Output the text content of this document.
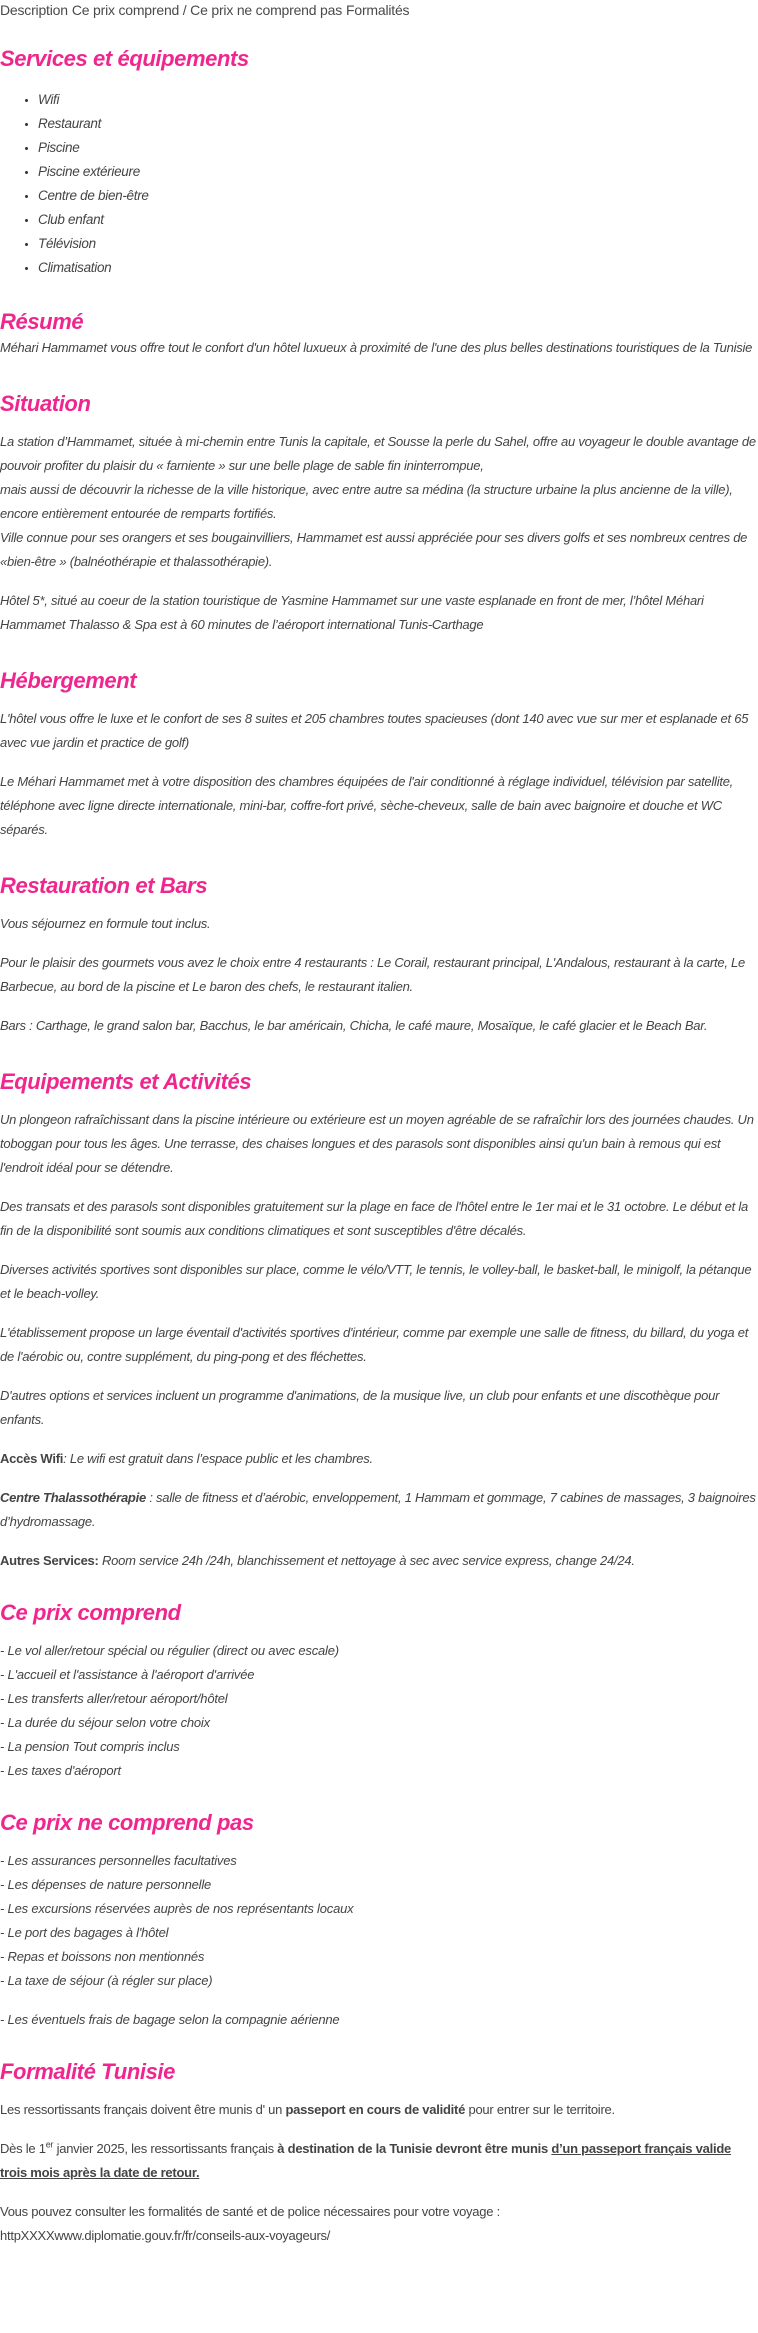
Description Ce prix comprend / Ce prix ne comprend pas Formalités
Services et équipements
• Wifi
• Restaurant
• Piscine
• Piscine extérieure
• Centre de bien-être
• Club enfant
• Télévision
• Climatisation
Résumé

Méhari Hammamet vous offre tout le confort d'un hôtel luxueux à proximité de l'une des plus belles destinations touristiques de la Tunisie

Situation

La station d’Hammamet, située à mi-chemin entre Tunis la capitale, et Sousse la perle du Sahel, offre au voyageur le double avantage de pouvoir profiter du plaisir du « farniente » sur une belle plage de sable fin ininterrompue,
mais aussi de découvrir la richesse de la ville historique, avec entre autre sa médina (la structure urbaine la plus ancienne de la ville), encore entièrement entourée de remparts fortifiés.
Ville connue pour ses orangers et ses bougainvilliers, Hammamet est aussi appréciée pour ses divers golfs et ses nombreux centres de «bien-être » (balnéothérapie et thalassothérapie).

Hôtel 5*, situé au coeur de la station touristique de Yasmine Hammamet sur une vaste esplanade en front de mer, l’hôtel Méhari Hammamet Thalasso & Spa est à 60 minutes de l’aéroport international Tunis-Carthage

Hébergement

L'hôtel vous offre le luxe et le confort de ses 8 suites et 205 chambres toutes spacieuses (dont 140 avec vue sur mer et esplanade et 65 avec vue jardin et practice de golf)

Le Méhari Hammamet met à votre disposition des chambres équipées de l'air conditionné à réglage individuel, télévision par satellite, téléphone avec ligne directe internationale, mini-bar, coffre-fort privé, sèche-cheveux, salle de bain avec baignoire et douche et WC séparés.

Restauration et Bars

Vous séjournez en formule tout inclus.

Pour le plaisir des gourmets vous avez le choix entre 4 restaurants : Le Corail, restaurant principal, L'Andalous, restaurant à la carte, Le Barbecue, au bord de la piscine et Le baron des chefs, le restaurant italien.

Bars : Carthage, le grand salon bar, Bacchus, le bar américain, Chicha, le café maure, Mosaïque, le café glacier et le Beach Bar.

Equipements et Activités

Un plongeon rafraîchissant dans la piscine intérieure ou extérieure est un moyen agréable de se rafraîchir lors des journées chaudes. Un toboggan pour tous les âges. Une terrasse, des chaises longues et des parasols sont disponibles ainsi qu'un bain à remous qui est l'endroit idéal pour se détendre.

Des transats et des parasols sont disponibles gratuitement sur la plage en face de l'hôtel entre le 1er mai et le 31 octobre. Le début et la fin de la disponibilité sont soumis aux conditions climatiques et sont susceptibles d'être décalés.

Diverses activités sportives sont disponibles sur place, comme le vélo/VTT, le tennis, le volley-ball, le basket-ball, le minigolf, la pétanque et le beach-volley.

L'établissement propose un large éventail d'activités sportives d'intérieur, comme par exemple une salle de fitness, du billard, du yoga et de l'aérobic ou, contre supplément, du ping-pong et des fléchettes.

D'autres options et services incluent un programme d'animations, de la musique live, un club pour enfants et une discothèque pour enfants.

Accès Wifi: Le wifi est gratuit dans l’espace public et les chambres.

Centre Thalassothérapie : salle de fitness et d’aérobic, enveloppement, 1 Hammam et gommage, 7 cabines de massages, 3 baignoires d’hydromassage.

Autres Services: Room service 24h /24h, blanchissement et nettoyage à sec avec service express, change 24/24.

Ce prix comprend
- Le vol aller/retour spécial ou régulier (direct ou avec escale)
- L'accueil et l'assistance à l'aéroport d'arrivée
- Les transferts aller/retour aéroport/hôtel
- La durée du séjour selon votre choix
- La pension Tout compris inclus
- Les taxes d'aéroport
Ce prix ne comprend pas
- Les assurances personnelles facultatives
- Les dépenses de nature personnelle
- Les excursions réservées auprès de nos représentants locaux
- Le port des bagages à l'hôtel
- Repas et boissons non mentionnés
- La taxe de séjour (à régler sur place)
- Les éventuels frais de bagage selon la compagnie aérienne
Formalité Tunisie

Les ressortissants français doivent être munis d' un passeport en cours de validité pour entrer sur le territoire.

Dès le 1er janvier 2025, les ressortissants français à destination de la Tunisie devront être munis d’un passeport français valide trois mois après la date de retour.

Vous pouvez consulter les formalités de santé et de police nécessaires pour votre voyage :
httpXXXXwww.diplomatie.gouv.fr/fr/conseils-aux-voyageurs/
